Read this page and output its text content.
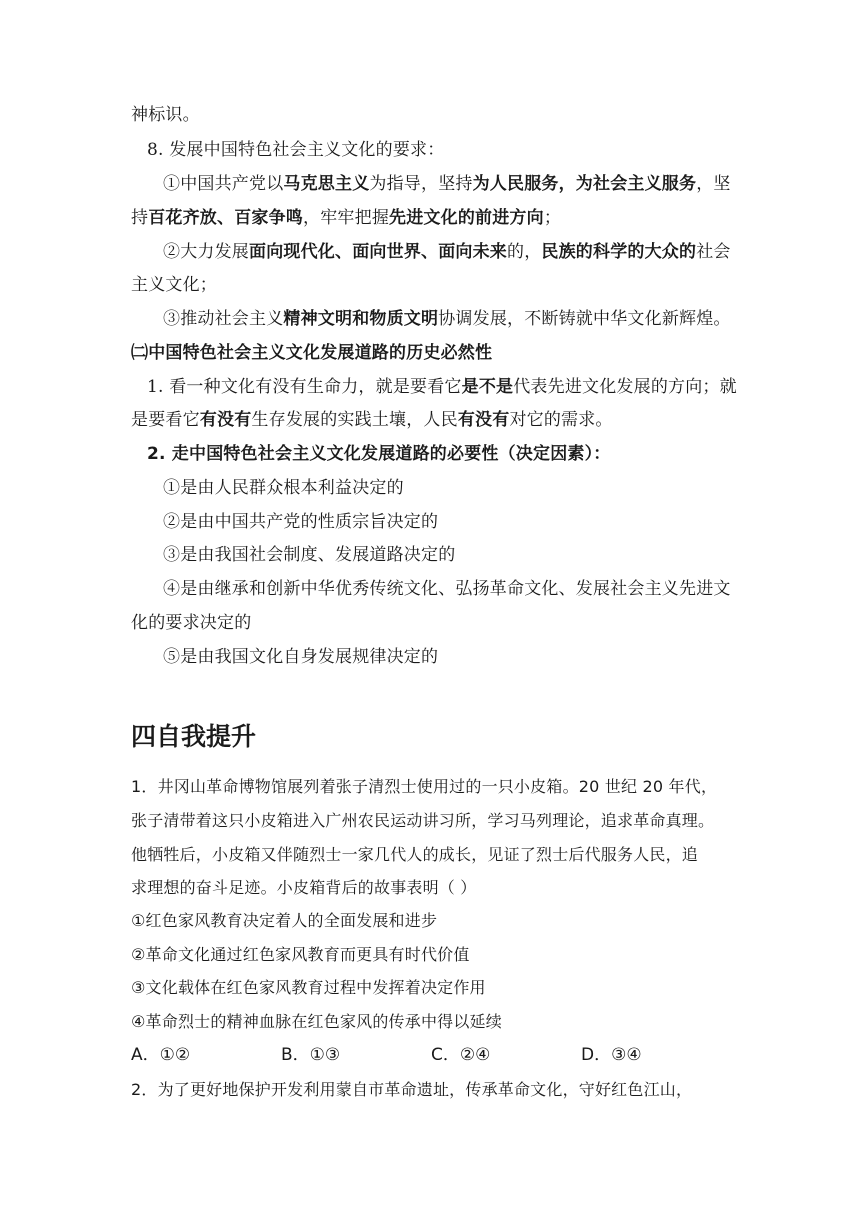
神标识。
8. 发展中国特色社会主义文化的要求：
①中国共产党以马克思主义为指导，坚持为人民服务，为社会主义服务，坚
持百花齐放、百家争鸣，牢牢把握先进文化的前进方向；
②大力发展面向现代化、面向世界、面向未来的，民族的科学的大众的社会
主义文化；
③推动社会主义精神文明和物质文明协调发展，不断铸就中华文化新辉煌。
㈡中国特色社会主义文化发展道路的历史必然性
1. 看一种文化有没有生命力，就是要看它是不是代表先进文化发展的方向；就
是要看它有没有生存发展的实践土壤，人民有没有对它的需求。
2. 走中国特色社会主义文化发展道路的必要性（决定因素）：
①是由人民群众根本利益决定的
②是由中国共产党的性质宗旨决定的
③是由我国社会制度、发展道路决定的
④是由继承和创新中华优秀传统文化、弘扬革命文化、发展社会主义先进文
化的要求决定的
⑤是由我国文化自身发展规律决定的
四自我提升
1．井冈山革命博物馆展列着张子清烈士使用过的一只小皮箱。20 世纪 20 年代，
张子清带着这只小皮箱进入广州农民运动讲习所，学习马列理论，追求革命真理。
他牺牲后，小皮箱又伴随烈士一家几代人的成长，见证了烈士后代服务人民，追
求理想的奋斗足迹。小皮箱背后的故事表明（ ）
①红色家风教育决定着人的全面发展和进步
②革命文化通过红色家风教育而更具有时代价值
③文化载体在红色家风教育过程中发挥着决定作用
④革命烈士的精神血脉在红色家风的传承中得以延续
A．①②	B．①③	C．②④	D．③④
2．为了更好地保护开发利用蒙自市革命遗址，传承革命文化，守好红色江山，
